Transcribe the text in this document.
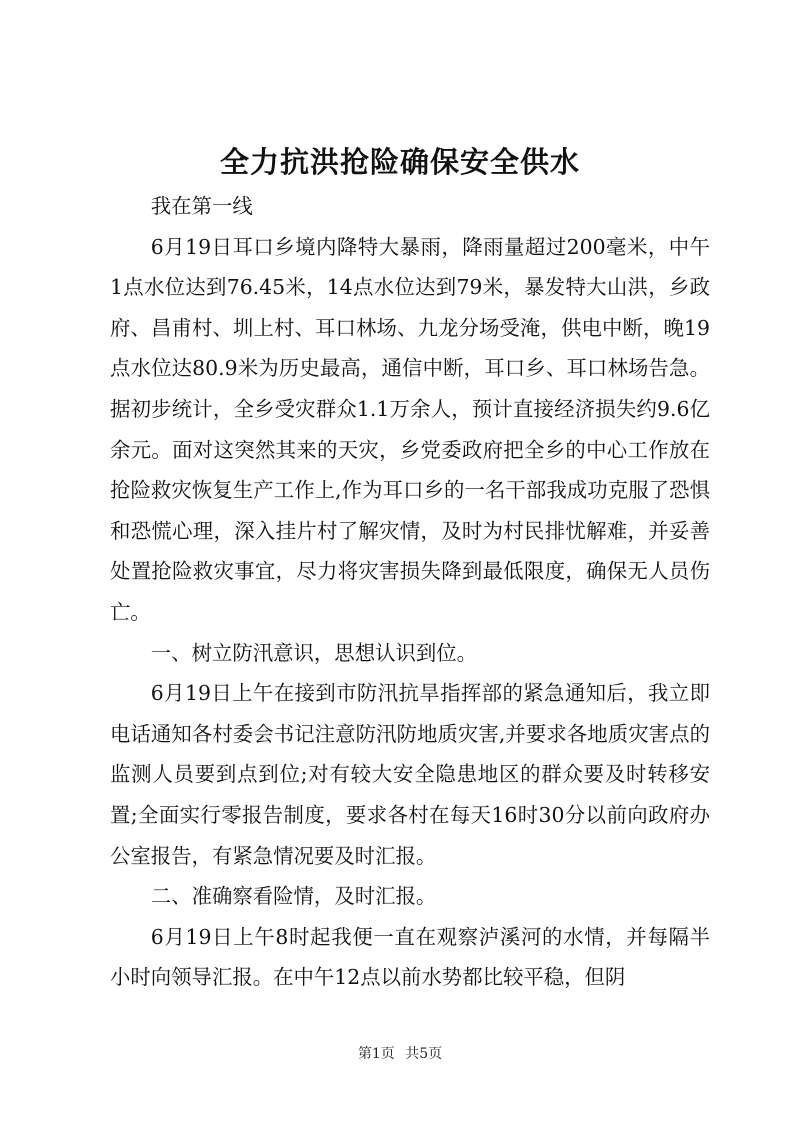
全力抗洪抢险确保安全供水

我在第一线

6月19日耳口乡境内降特大暴雨，降雨量超过200毫米，中午1点水位达到76.45米，14点水位达到79米，暴发特大山洪，乡政府、昌甫村、圳上村、耳口林场、九龙分场受淹，供电中断，晚19点水位达80.9米为历史最高，通信中断，耳口乡、耳口林场告急。据初步统计，全乡受灾群众1.1万余人，预计直接经济损失约9.6亿余元。面对这突然其来的天灾，乡党委政府把全乡的中心工作放在抢险救灾恢复生产工作上,作为耳口乡的一名干部我成功克服了恐惧和恐慌心理，深入挂片村了解灾情，及时为村民排忧解难，并妥善处置抢险救灾事宜，尽力将灾害损失降到最低限度，确保无人员伤亡。

一、树立防汛意识，思想认识到位。

6月19日上午在接到市防汛抗旱指挥部的紧急通知后，我立即电话通知各村委会书记注意防汛防地质灾害,并要求各地质灾害点的监测人员要到点到位;对有较大安全隐患地区的群众要及时转移安置;全面实行零报告制度，要求各村在每天16时30分以前向政府办公室报告，有紧急情况要及时汇报。

二、准确察看险情，及时汇报。

6月19日上午8时起我便一直在观察泸溪河的水情，并每隔半小时向领导汇报。在中午12点以前水势都比较平稳，但阴

第1页 共5页
